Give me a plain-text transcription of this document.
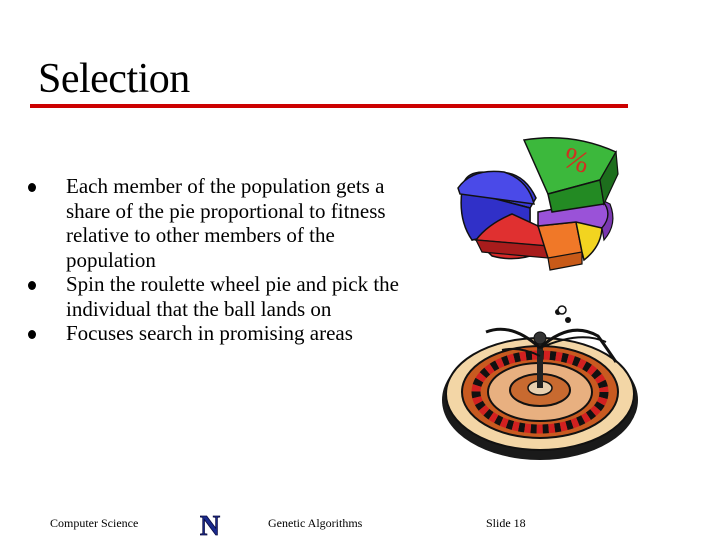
Selection
Each member of the population gets a share of the pie proportional to fitness relative to other members of the population
Spin the roulette wheel pie and pick the individual that the ball lands on
Focuses search in promising areas
%
Computer Science N	Genetic Algorithms	Slide 18
